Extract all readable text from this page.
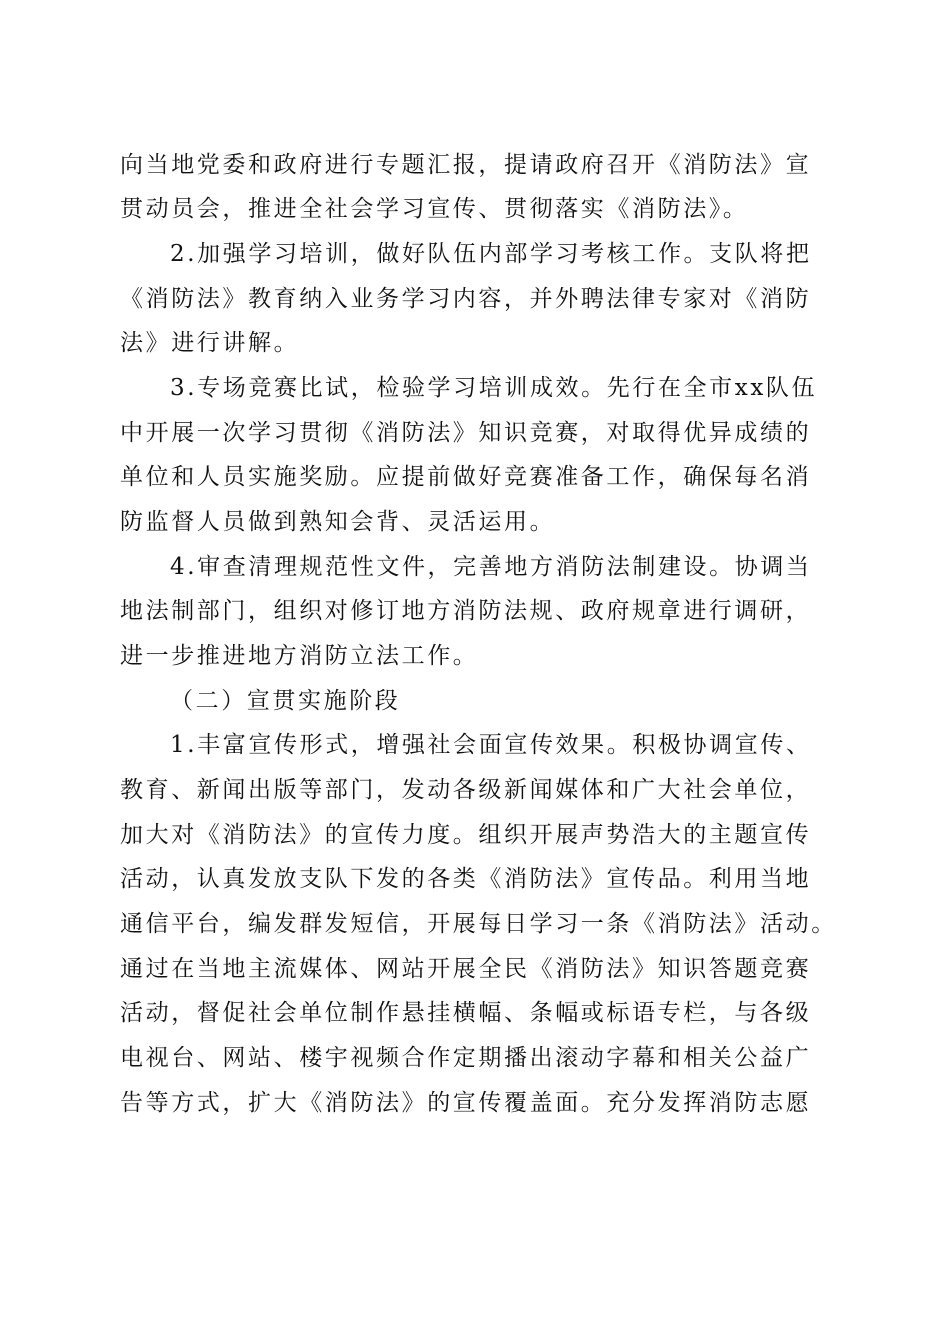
向当地党委和政府进行专题汇报，提请政府召开《消防法》宣
贯动员会，推进全社会学习宣传、贯彻落实《消防法》。
2.加强学习培训，做好队伍内部学习考核工作。支队将把
《消防法》教育纳入业务学习内容，并外聘法律专家对《消防
法》进行讲解。
3.专场竞赛比试，检验学习培训成效。先行在全市xx队伍
中开展一次学习贯彻《消防法》知识竞赛，对取得优异成绩的
单位和人员实施奖励。应提前做好竞赛准备工作，确保每名消
防监督人员做到熟知会背、灵活运用。
4.审查清理规范性文件，完善地方消防法制建设。协调当
地法制部门，组织对修订地方消防法规、政府规章进行调研，
进一步推进地方消防立法工作。
（二）宣贯实施阶段
1.丰富宣传形式，增强社会面宣传效果。积极协调宣传、
教育、新闻出版等部门，发动各级新闻媒体和广大社会单位，
加大对《消防法》的宣传力度。组织开展声势浩大的主题宣传
活动，认真发放支队下发的各类《消防法》宣传品。利用当地
通信平台，编发群发短信，开展每日学习一条《消防法》活动。
通过在当地主流媒体、网站开展全民《消防法》知识答题竞赛
活动，督促社会单位制作悬挂横幅、条幅或标语专栏，与各级
电视台、网站、楼宇视频合作定期播出滚动字幕和相关公益广
告等方式，扩大《消防法》的宣传覆盖面。充分发挥消防志愿
